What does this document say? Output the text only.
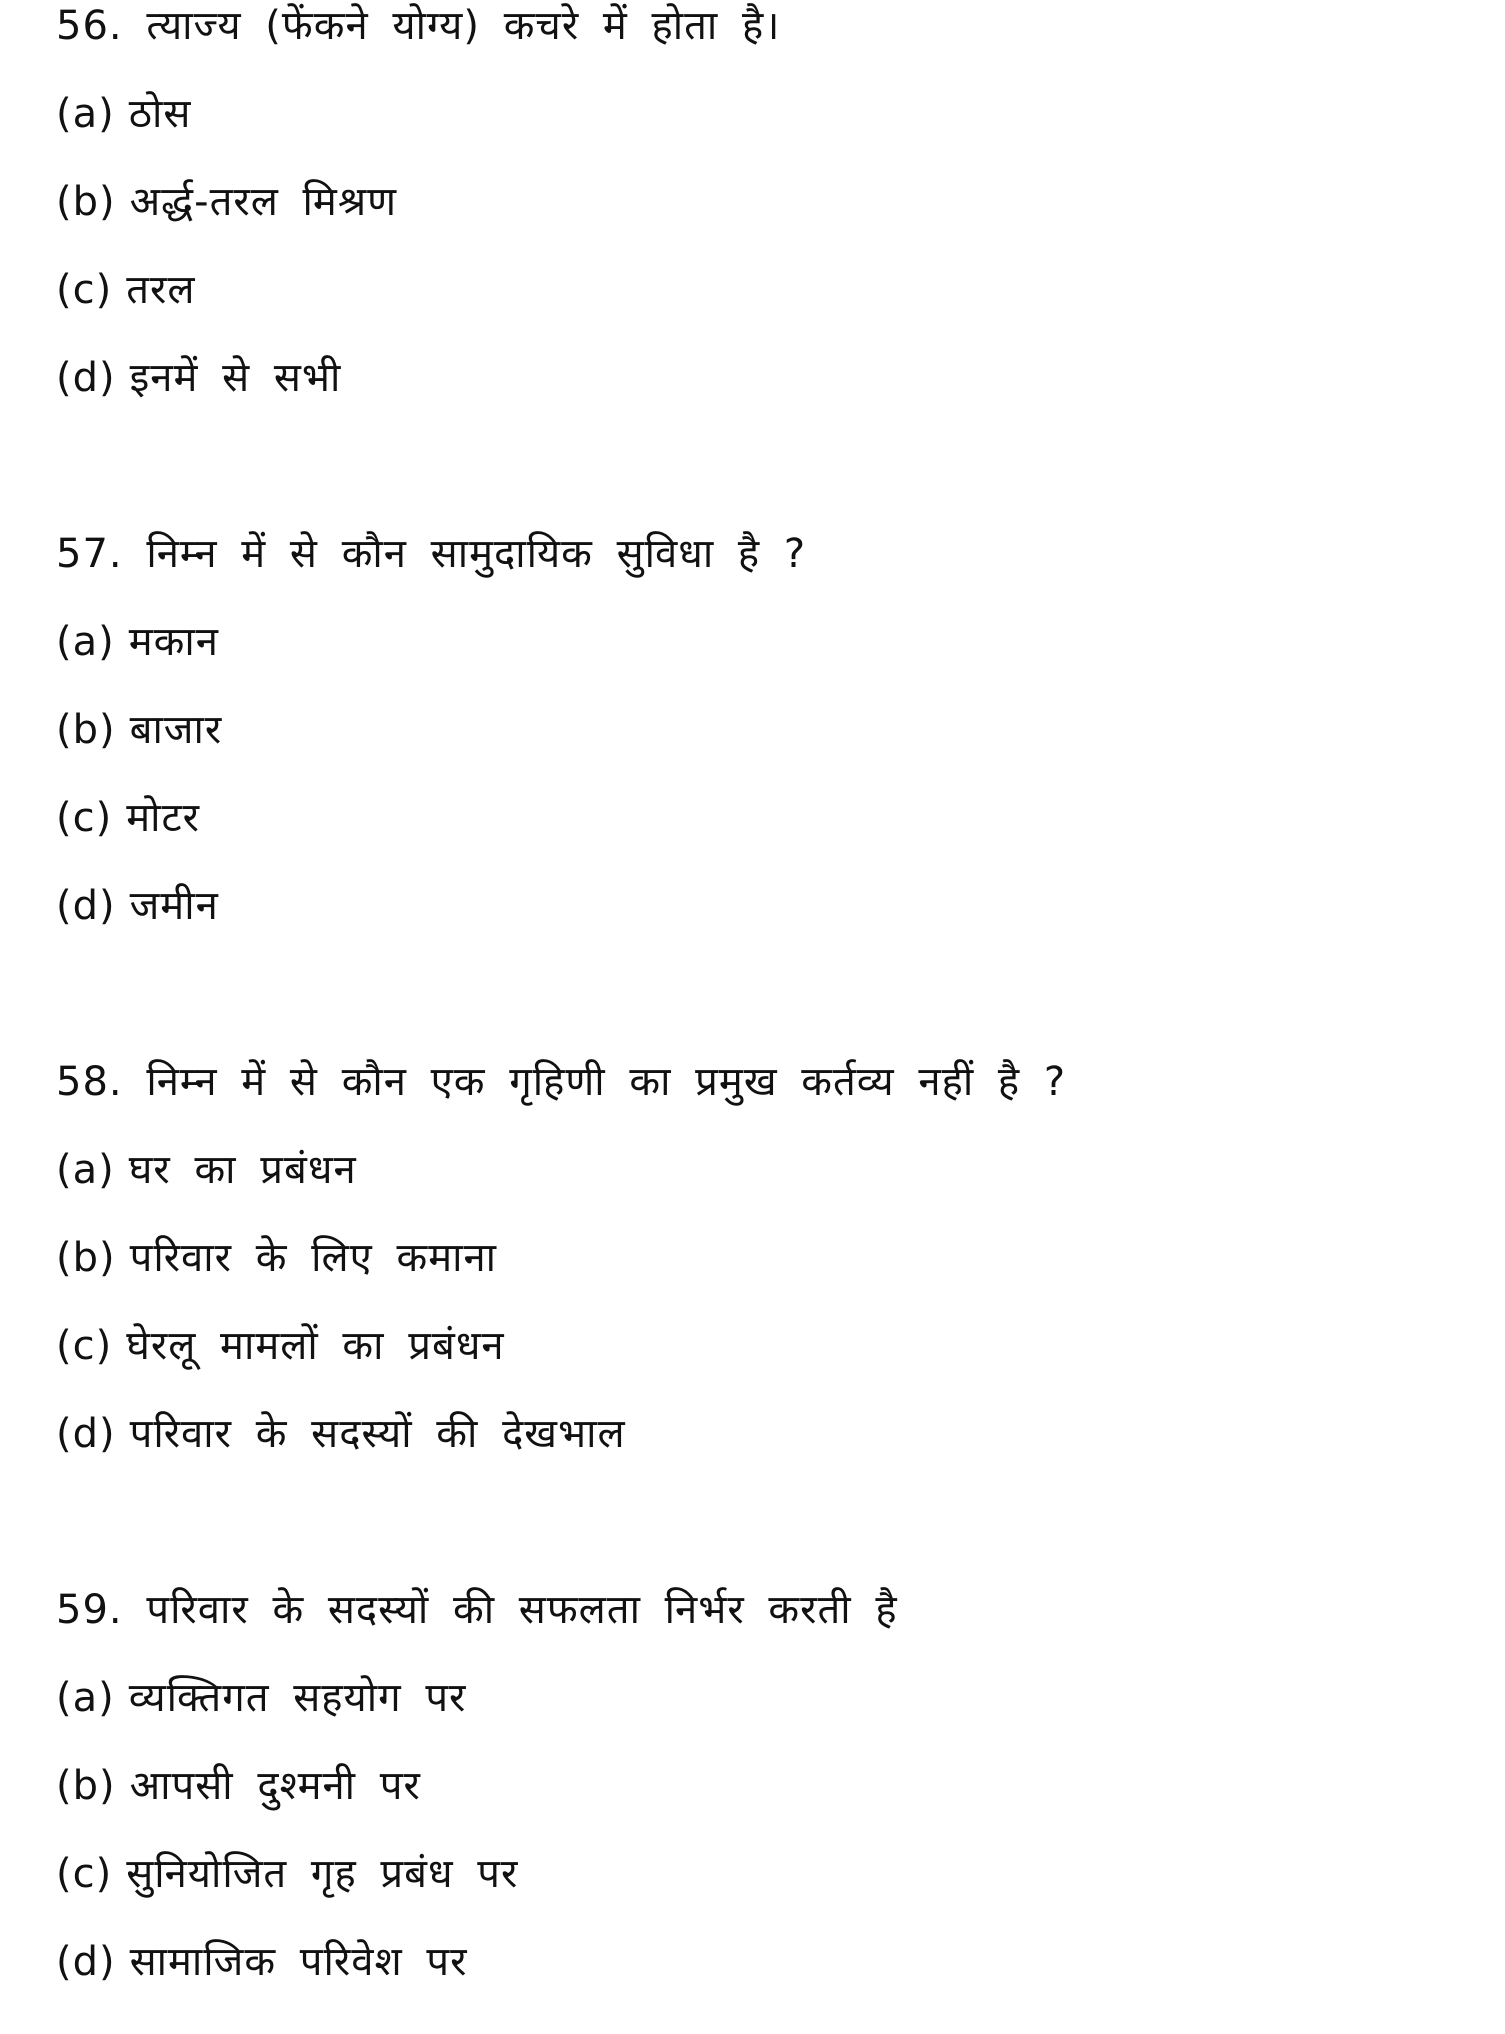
56. त्याज्य (फेंकने योग्य) कचरे में होता है।
(a) ठोस
(b) अर्द्ध-तरल मिश्रण
(c) तरल
(d) इनमें से सभी
57. निम्न में से कौन सामुदायिक सुविधा है ?
(a) मकान
(b) बाजार
(c) मोटर
(d) जमीन
58. निम्न में से कौन एक गृहिणी का प्रमुख कर्तव्य नहीं है ?
(a) घर का प्रबंधन
(b) परिवार के लिए कमाना
(c) घेरलू मामलों का प्रबंधन
(d) परिवार के सदस्यों की देखभाल
59. परिवार के सदस्यों की सफलता निर्भर करती है
(a) व्यक्तिगत सहयोग पर
(b) आपसी दुश्मनी पर
(c) सुनियोजित गृह प्रबंध पर
(d) सामाजिक परिवेश पर
